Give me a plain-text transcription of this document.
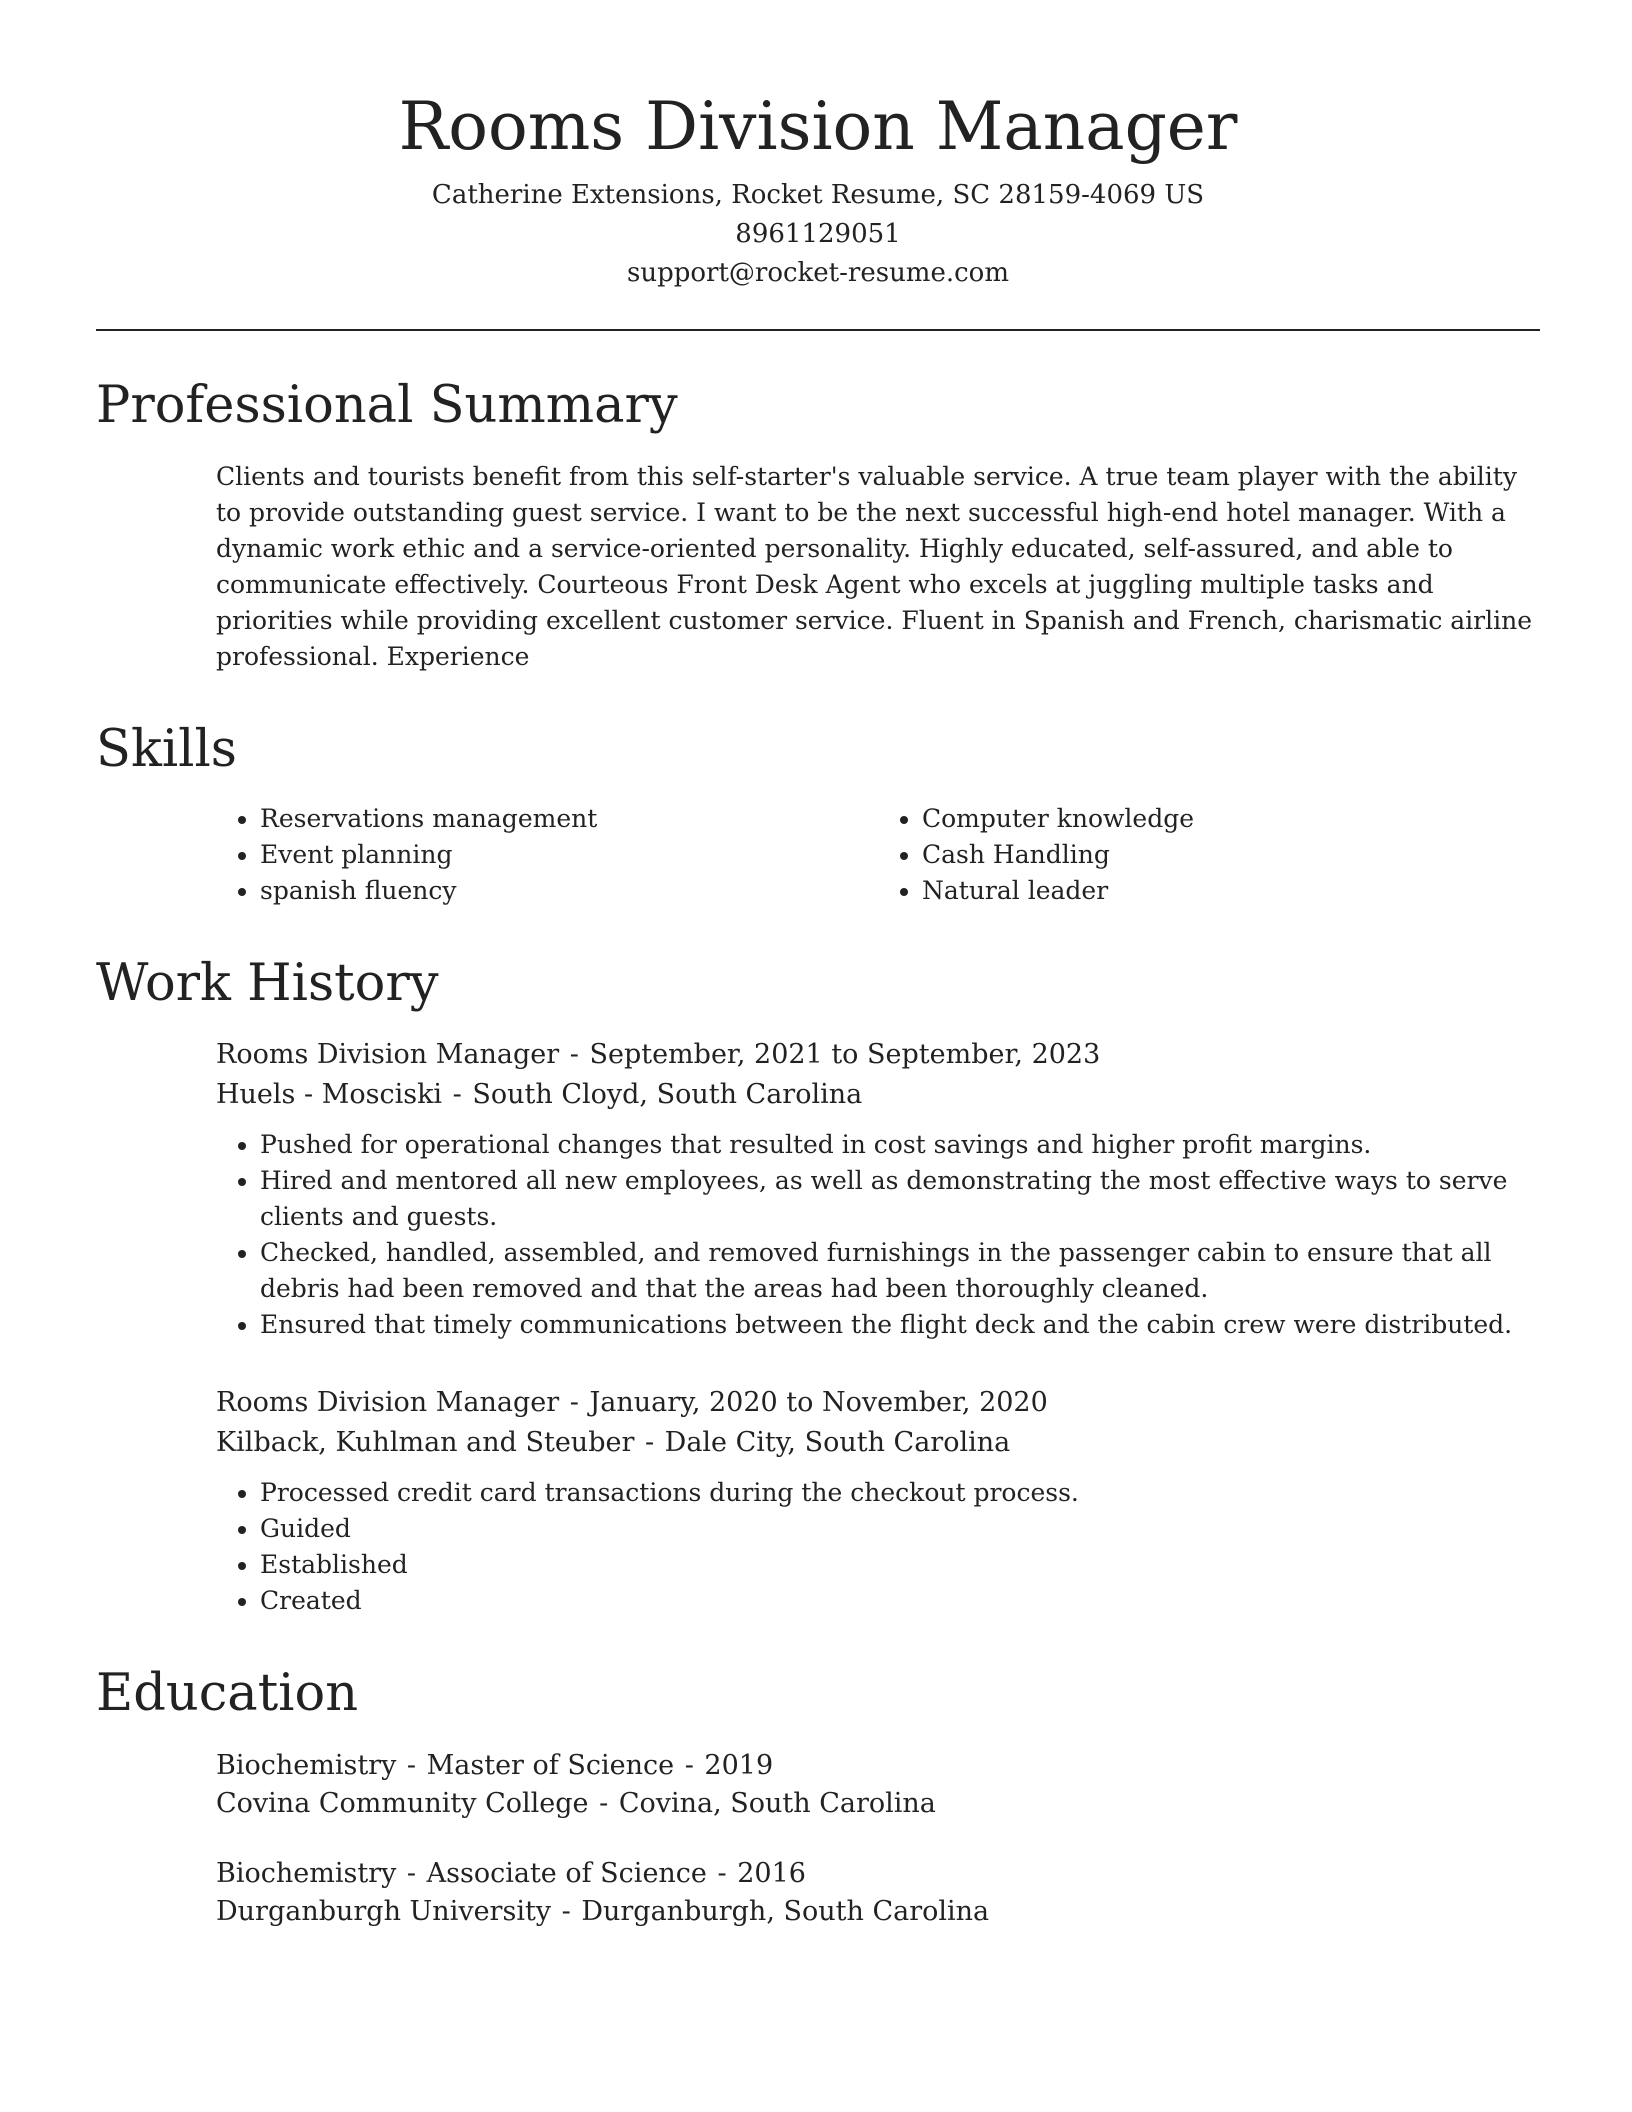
Rooms Division Manager
Catherine Extensions, Rocket Resume, SC 28159-4069 US
8961129051
support@rocket-resume.com
Professional Summary
Clients and tourists benefit from this self-starter's valuable service. A true team player with the ability to provide outstanding guest service. I want to be the next successful high-end hotel manager. With a dynamic work ethic and a service-oriented personality. Highly educated, self-assured, and able to communicate effectively. Courteous Front Desk Agent who excels at juggling multiple tasks and priorities while providing excellent customer service. Fluent in Spanish and French, charismatic airline professional. Experience
Skills
• Reservations management
• Event planning
• spanish fluency
• Computer knowledge
• Cash Handling
• Natural leader
Work History
Rooms Division Manager - September, 2021 to September, 2023
Huels - Mosciski - South Cloyd, South Carolina
• Pushed for operational changes that resulted in cost savings and higher profit margins.
• Hired and mentored all new employees, as well as demonstrating the most effective ways to serve clients and guests.
• Checked, handled, assembled, and removed furnishings in the passenger cabin to ensure that all debris had been removed and that the areas had been thoroughly cleaned.
• Ensured that timely communications between the flight deck and the cabin crew were distributed.
Rooms Division Manager - January, 2020 to November, 2020
Kilback, Kuhlman and Steuber - Dale City, South Carolina
• Processed credit card transactions during the checkout process.
• Guided
• Established
• Created
Education
Biochemistry - Master of Science - 2019
Covina Community College - Covina, South Carolina
Biochemistry - Associate of Science - 2016
Durganburgh University - Durganburgh, South Carolina
